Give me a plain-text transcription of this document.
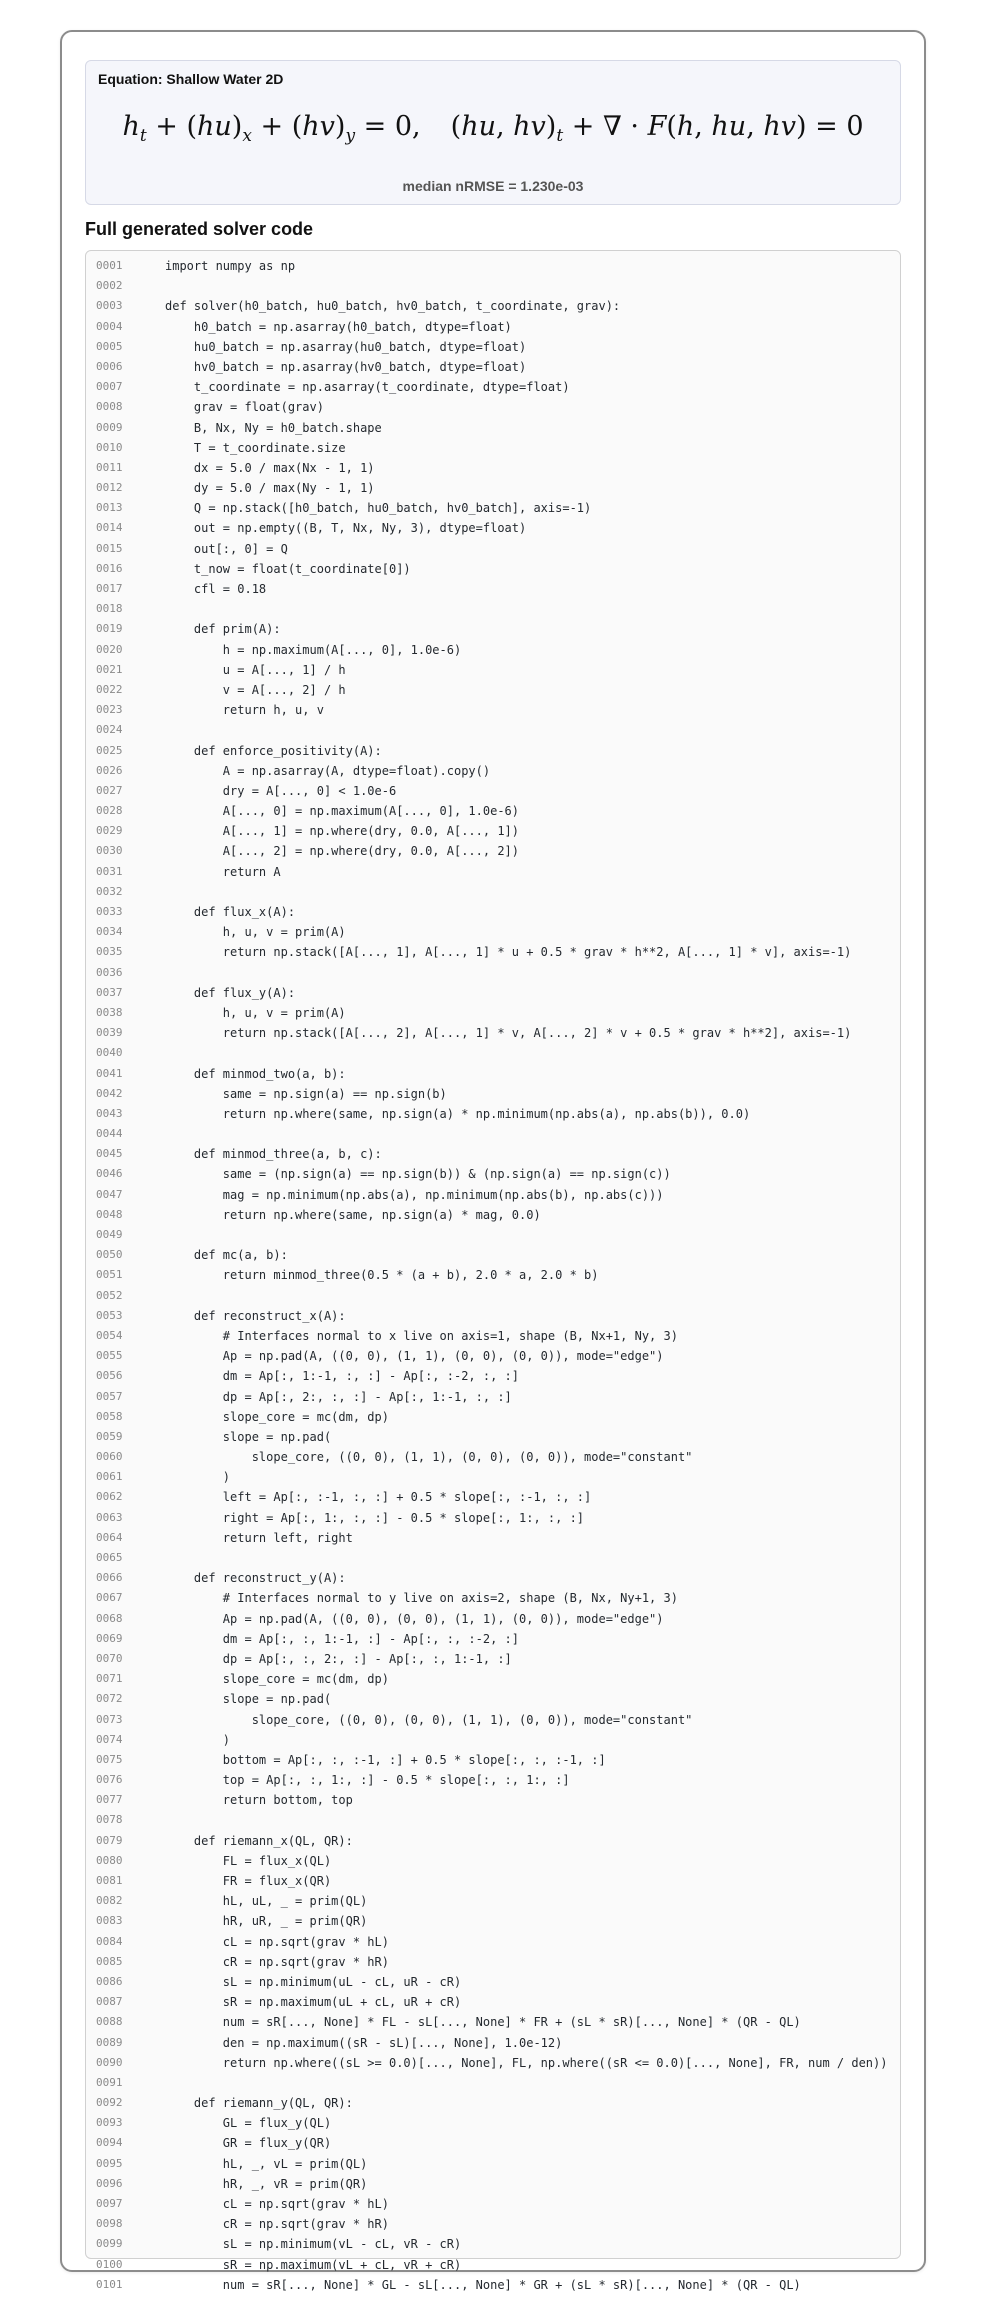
Equation: Shallow Water 2D
$h_t + (hu)_x + (hv)_y = 0$, (hu, $hv)_t$ + ∇ · F(h, hu, hv) = 0
median nRMSE = 1.230e-03
Full generated solver code
0001	import numpy as np
0002
0003	def solver(h0_batch, hu0_batch, hv0_batch, t_coordinate, grav):
0004	h0_batch = np.asarray(h0_batch, dtype=float)
0005	hu0_batch = np.asarray(hu0_batch, dtype=float)
0006	hv0_batch = np.asarray(hv0_batch, dtype=float)
0007	t_coordinate = np.asarray(t_coordinate, dtype=float)
0008	grav = float(grav)
0009	B, Nx, Ny = h0_batch.shape
0010	T = t_coordinate.size
0011	dx = 5.0 / max(Nx - 1, 1)
0012	dy = 5.0 / max(Ny - 1, 1)
0013	Q = np.stack([h0_batch, hu0_batch, hv0_batch], axis=-1)
0014	out = np.empty((B, T, Nx, Ny, 3), dtype=float)
0015	out[:, 0] = Q
0016	t_now = float(t_coordinate[0])
0017	cfl = 0.18
0018
0019	def prim(A):
0020	h = np.maximum(A[..., 0], 1.0e-6)
0021	u = A[..., 1] / h
0022	v = A[..., 2] / h
0023	return h, u, v
0024
0025	def enforce_positivity(A):
0026	A = np.asarray(A, dtype=float).copy()
0027	dry = A[..., 0] < 1.0e-6
0028	A[..., 0] = np.maximum(A[..., 0], 1.0e-6)
0029	A[..., 1] = np.where(dry, 0.0, A[..., 1])
0030	A[..., 2] = np.where(dry, 0.0, A[..., 2])
0031	return A
0032
0033	def flux_x(A):
0034	h, u, v = prim(A)
0035	return np.stack([A[..., 1], A[..., 1] * u + 0.5 * grav * h**2, A[..., 1] * v], axis=-1)
0036
0037	def flux_y(A):
0038	h, u, v = prim(A)
0039	return np.stack([A[..., 2], A[..., 1] * v, A[..., 2] * v + 0.5 * grav * h**2], axis=-1)
0040
0041	def minmod_two(a, b):
0042	same = np.sign(a) == np.sign(b)
0043	return np.where(same, np.sign(a) * np.minimum(np.abs(a), np.abs(b)), 0.0)
0044
0045	def minmod_three(a, b, c):
0046	same = (np.sign(a) == np.sign(b)) & (np.sign(a) == np.sign(c))
0047	mag = np.minimum(np.abs(a), np.minimum(np.abs(b), np.abs(c)))
0048	return np.where(same, np.sign(a) * mag, 0.0)
0049
0050	def mc(a, b):
0051	return minmod_three(0.5 * (a + b), 2.0 * a, 2.0 * b)
0052
0053	def reconstruct_x(A):
0054	# Interfaces normal to x live on axis=1, shape (B, Nx+1, Ny, 3)
0055	Ap = np.pad(A, ((0, 0), (1, 1), (0, 0), (0, 0)), mode="edge")
0056	dm = Ap[:, 1:-1, :, :] - Ap[:, :-2, :, :]
0057	dp = Ap[:, 2:, :, :] - Ap[:, 1:-1, :, :]
0058	slope_core = mc(dm, dp)
0059	slope = np.pad(
0060	slope_core, ((0, 0), (1, 1), (0, 0), (0, 0)), mode="constant"
0061	)
0062	left = Ap[:, :-1, :, :] + 0.5 * slope[:, :-1, :, :]
0063	right = Ap[:, 1:, :, :] - 0.5 * slope[:, 1:, :, :]
0064	return left, right
0065
0066	def reconstruct_y(A):
0067	# Interfaces normal to y live on axis=2, shape (B, Nx, Ny+1, 3)
0068	Ap = np.pad(A, ((0, 0), (0, 0), (1, 1), (0, 0)), mode="edge")
0069	dm = Ap[:, :, 1:-1, :] - Ap[:, :, :-2, :]
0070	dp = Ap[:, :, 2:, :] - Ap[:, :, 1:-1, :]
0071	slope_core = mc(dm, dp)
0072	slope = np.pad(
0073	slope_core, ((0, 0), (0, 0), (1, 1), (0, 0)), mode="constant"
0074	)
0075	bottom = Ap[:, :, :-1, :] + 0.5 * slope[:, :, :-1, :]
0076	top = Ap[:, :, 1:, :] - 0.5 * slope[:, :, 1:, :]
0077	return bottom, top
0078
0079	def riemann_x(QL, QR):
0080	FL = flux_x(QL)
0081	FR = flux_x(QR)
0082	hL, uL, _ = prim(QL)
0083	hR, uR, _ = prim(QR)
0084	cL = np.sqrt(grav * hL)
0085	cR = np.sqrt(grav * hR)
0086	sL = np.minimum(uL - cL, uR - cR)
0087	sR = np.maximum(uL + cL, uR + cR)
0088	num = sR[..., None] * FL - sL[..., None] * FR + (sL * sR)[..., None] * (QR - QL)
0089	den = np.maximum((sR - sL)[..., None], 1.0e-12)
0090	return np.where((sL >= 0.0)[..., None], FL, np.where((sR <= 0.0)[..., None], FR, num / den))
0091
0092	def riemann_y(QL, QR):
0093	GL = flux_y(QL)
0094	GR = flux_y(QR)
0095	hL, _, vL = prim(QL)
0096	hR, _, vR = prim(QR)
0097	cL = np.sqrt(grav * hL)
0098	cR = np.sqrt(grav * hR)
0099	sL = np.minimum(vL - cL, vR - cR)
0100	sR = np.maximum(vL + cL, vR + cR)
0101	num = sR[..., None] * GL - sL[..., None] * GR + (sL * sR)[..., None] * (QR - QL)
